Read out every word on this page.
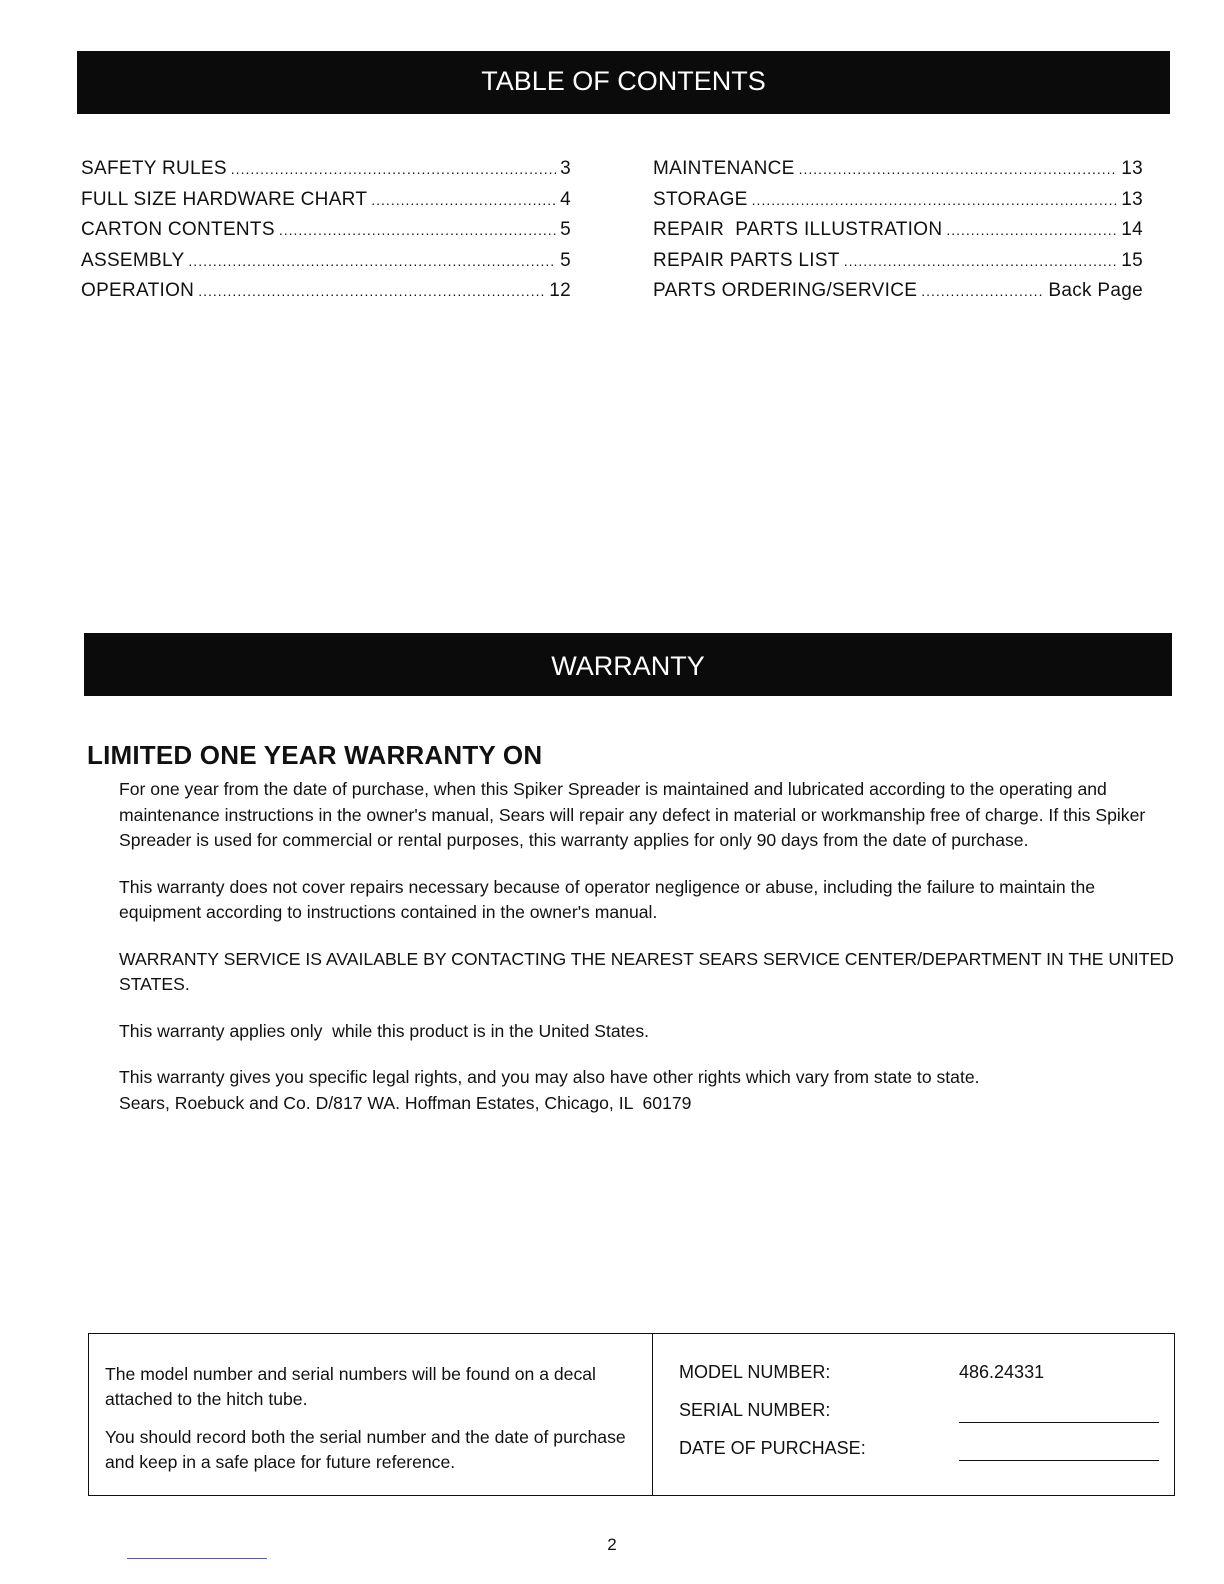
TABLE OF CONTENTS
SAFETY RULES .....	3
FULL SIZE HARDWARE CHART .....	4
CARTON CONTENTS .....	5
ASSEMBLY .....	5
OPERATION .....	12
MAINTENANCE .....	13
STORAGE .....	13
REPAIR  PARTS ILLUSTRATION .....	14
REPAIR PARTS LIST .....	15
PARTS ORDERING/SERVICE .....	Back Page
WARRANTY
LIMITED ONE YEAR WARRANTY ON

For one year from the date of purchase, when this Spiker Spreader is maintained and lubricated according to the operating and maintenance instructions in the owner's manual, Sears will repair any defect in material or workmanship free of charge. If this Spiker Spreader is used for commercial or rental purposes, this warranty applies for only 90 days from the date of purchase.

This warranty does not cover repairs necessary because of operator negligence or abuse, including the failure to maintain the equipment according to instructions contained in the owner's manual.

WARRANTY SERVICE IS AVAILABLE BY CONTACTING THE NEAREST SEARS SERVICE CENTER/DEPARTMENT IN THE UNITED STATES.

This warranty applies only  while this product is in the United States.

This warranty gives you specific legal rights, and you may also have other rights which vary from state to state.

Sears, Roebuck and Co. D/817 WA. Hoffman Estates, Chicago, IL  60179

The model number and serial numbers will be found on a decal attached to the hitch tube.

You should record both the serial number and the date of purchase and keep in a safe place for future reference.

MODEL NUMBER:	486.24331
SERIAL NUMBER:
DATE OF PURCHASE:
2
